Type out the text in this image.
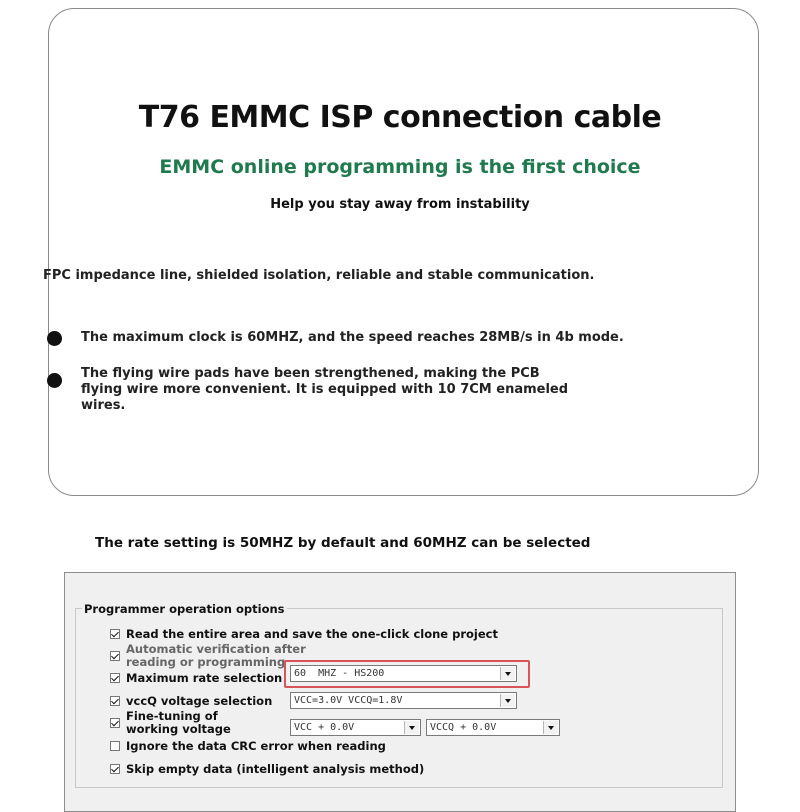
T76 EMMC ISP connection cable
EMMC online programming is the first choice
Help you stay away from instability
FPC impedance line, shielded isolation, reliable and stable communication.
The maximum clock is 60MHZ, and the speed reaches 28MB/s in 4b mode.
The flying wire pads have been strengthened, making the PCB
flying wire more convenient. It is equipped with 10 7CM enameled
wires.
The rate setting is 50MHZ by default and 60MHZ can be selected
Programmer operation options
Read the entire area and save the one-click clone project
Automatic verification after
reading or programming
Maximum rate selection
vccQ voltage selection
Fine-tuning of
working voltage
Ignore the data CRC error when reading
Skip empty data (intelligent analysis method)
60  MHZ - HS200
VCC=3.0V VCCQ=1.8V
VCC + 0.0V	VCCQ + 0.0V
